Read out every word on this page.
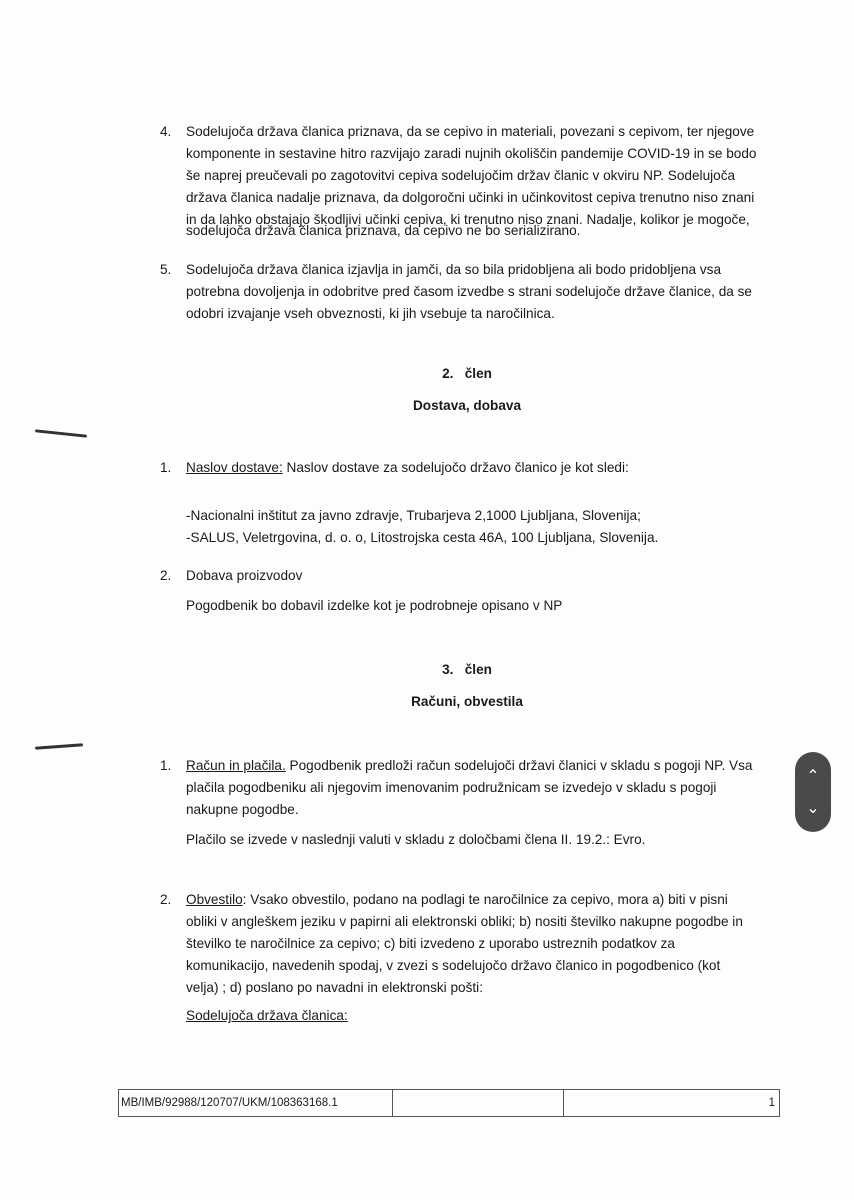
4. Sodelujoča država članica priznava, da se cepivo in materiali, povezani s cepivom, ter njegove
komponente in sestavine hitro razvijajo zaradi nujnih okoliščin pandemije COVID-19 in se bodo
še naprej preučevali po zagotovitvi cepiva sodelujočim držav članic v okviru NP. Sodelujoča
država članica nadalje priznava, da dolgoročni učinki in učinkovitost cepiva trenutno niso znani
in da lahko obstajajo škodljivi učinki cepiva, ki trenutno niso znani. Nadalje, kolikor je mogoče,
sodelujoča država članica priznava, da cepivo ne bo serializirano.
5. Sodelujoča država članica izjavlja in jamči, da so bila pridobljena ali bodo pridobljena vsa
potrebna dovoljenja in odobritve pred časom izvedbe s strani sodelujoče države članice, da se
odobri izvajanje vseh obveznosti, ki jih vsebuje ta naročilnica.
2.   člen
Dostava, dobava
1. Naslov dostave: Naslov dostave za sodelujočo državo članico je kot sledi:
-Nacionalni inštitut za javno zdravje, Trubarjeva 2,1000 Ljubljana, Slovenija;
-SALUS, Veletrgovina, d. o. o, Litostrojska cesta 46A, 100 Ljubljana, Slovenija.
2. Dobava proizvodov
Pogodbenik bo dobavil izdelke kot je podrobneje opisano v NP
3.   člen
Računi, obvestila
1. Račun in plačila. Pogodbenik predloži račun sodelujoči državi članici v skladu s pogoji NP. Vsa
plačila pogodbeniku ali njegovim imenovanim podružnicam se izvedejo v skladu s pogoji
nakupne pogodbe.
Plačilo se izvede v naslednji valuti v skladu z določbami člena II. 19.2.: Evro.
2. Obvestilo: Vsako obvestilo, podano na podlagi te naročilnice za cepivo, mora a) biti v pisni
obliki v angleškem jeziku v papirni ali elektronski obliki; b) nositi številko nakupne pogodbe in
številko te naročilnice za cepivo; c) biti izvedeno z uporabo ustreznih podatkov za
komunikacijo, navedenih spodaj, v zvezi s sodelujočo državo članico in pogodbenico (kot
velja) ; d) poslano po navadni in elektronski pošti:
Sodelujoča država članica:
MB/IMB/92988/120707/UKM/108363168.1	1
⌃
⌄
